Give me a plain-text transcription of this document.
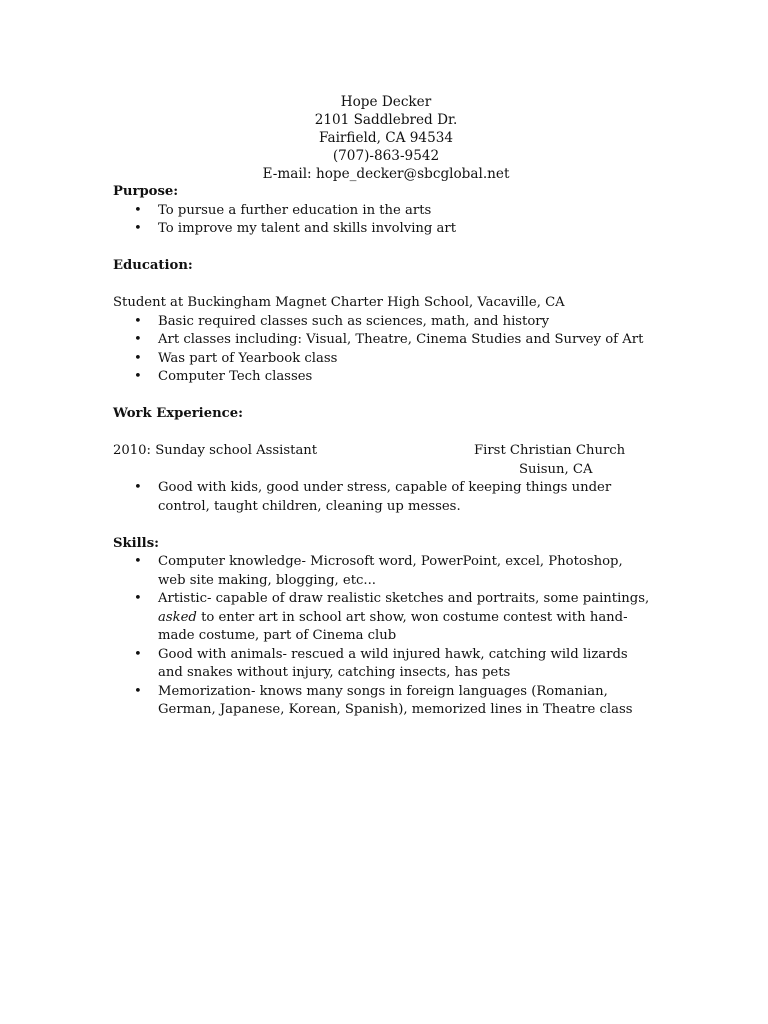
Hope Decker
2101 Saddlebred Dr.
Fairfield, CA 94534
(707)-863-9542
E-mail: hope_decker@sbcglobal.net
Purpose:
• To pursue a further education in the arts
• To improve my talent and skills involving art
Education:
Student at Buckingham Magnet Charter High School, Vacaville, CA
• Basic required classes such as sciences, math, and history
• Art classes including: Visual, Theatre, Cinema Studies and Survey of Art
• Was part of Yearbook class
• Computer Tech classes
Work Experience:
2010: Sunday school Assistant	First Christian Church
Suisun, CA
• Good with kids, good under stress, capable of keeping things under control, taught children, cleaning up messes.
Skills:
• Computer knowledge- Microsoft word, PowerPoint, excel, Photoshop, web site making, blogging, etc...
• Artistic- capable of draw realistic sketches and portraits, some paintings,
asked to enter art in school art show, won costume contest with hand-made costume, part of Cinema club
• Good with animals- rescued a wild injured hawk, catching wild lizards and snakes without injury, catching insects, has pets
• Memorization- knows many songs in foreign languages (Romanian, German, Japanese, Korean, Spanish), memorized lines in Theatre class
